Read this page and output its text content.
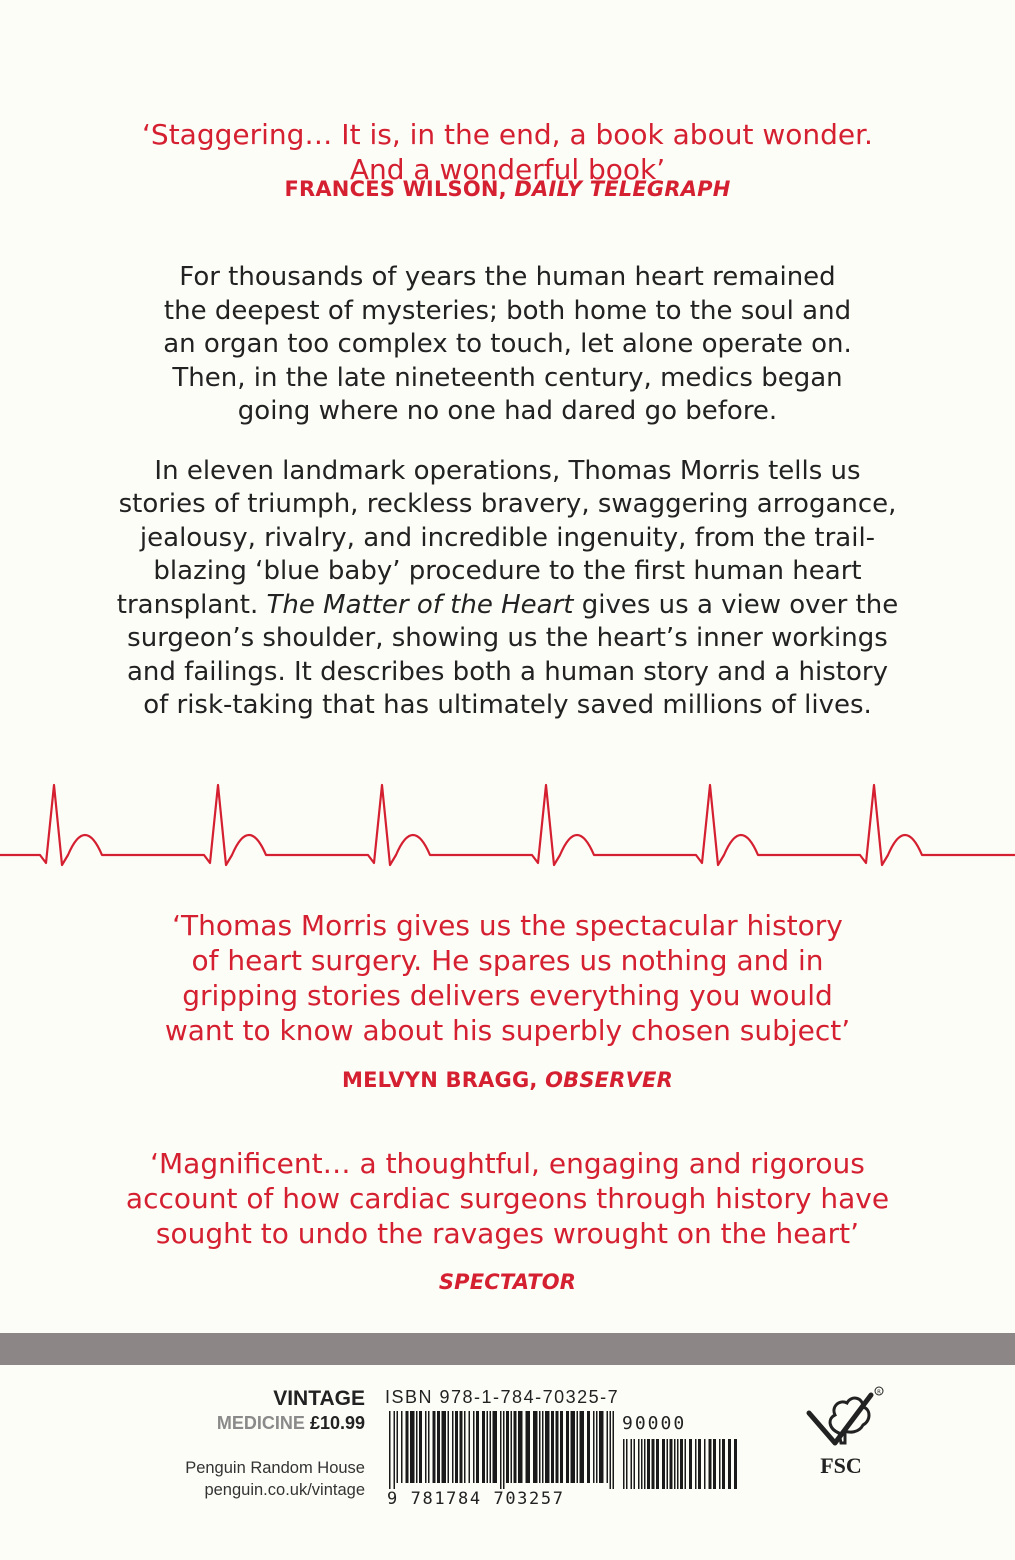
‘Staggering… It is, in the end, a book about wonder.
And a wonderful book’
FRANCES WILSON, DAILY TELEGRAPH

For thousands of years the human heart remained
the deepest of mysteries; both home to the soul and
an organ too complex to touch, let alone operate on.
Then, in the late nineteenth century, medics began
going where no one had dared go before.

In eleven landmark operations, Thomas Morris tells us
stories of triumph, reckless bravery, swaggering arrogance,
jealousy, rivalry, and incredible ingenuity, from the trail-
blazing ‘blue baby’ procedure to the first human heart
transplant. The Matter of the Heart gives us a view over the
surgeon’s shoulder, showing us the heart’s inner workings
and failings. It describes both a human story and a history
of risk-taking that has ultimately saved millions of lives.

‘Thomas Morris gives us the spectacular history
of heart surgery. He spares us nothing and in
gripping stories delivers everything you would
want to know about his superbly chosen subject’
MELVYN BRAGG, OBSERVER
‘Magnificent… a thoughtful, engaging and rigorous
account of how cardiac surgeons through history have
sought to undo the ravages wrought on the heart’
SPECTATOR
VINTAGE
MEDICINE £10.99
Penguin Random House
penguin.co.uk/vintage
ISBN 978-1-784-70325-7
90000
9 781784 703257
R
FSC
